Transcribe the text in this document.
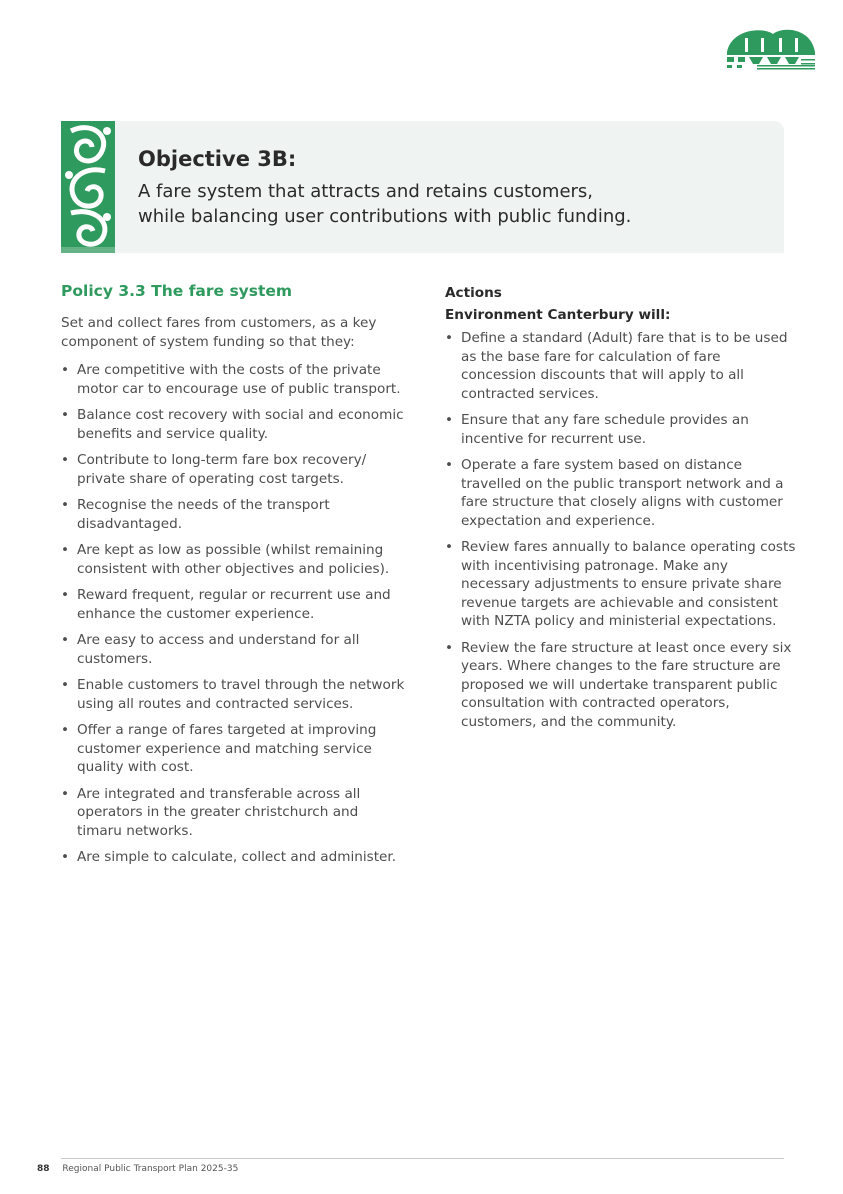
Objective 3B:

A fare system that attracts and retains customers,
while balancing user contributions with public funding.

Policy 3.3 The fare system

Set and collect fares from customers, as a key component of system funding so that they:

• Are competitive with the costs of the private motor car to encourage use of public transport.
• Balance cost recovery with social and economic benefits and service quality.
• Contribute to long-term fare box recovery/ private share of operating cost targets.
• Recognise the needs of the transport disadvantaged.
• Are kept as low as possible (whilst remaining consistent with other objectives and policies).
• Reward frequent, regular or recurrent use and enhance the customer experience.
• Are easy to access and understand for all customers.
• Enable customers to travel through the network using all routes and contracted services.
• Offer a range of fares targeted at improving customer experience and matching service quality with cost.
• Are integrated and transferable across all operators in the greater christchurch and timaru networks.
• Are simple to calculate, collect and administer.
Actions
Environment Canterbury will:
• Define a standard (Adult) fare that is to be used as the base fare for calculation of fare concession discounts that will apply to all contracted services.
• Ensure that any fare schedule provides an incentive for recurrent use.
• Operate a fare system based on distance travelled on the public transport network and a fare structure that closely aligns with customer expectation and experience.
• Review fares annually to balance operating costs with incentivising patronage. Make any necessary adjustments to ensure private share revenue targets are achievable and consistent with NZTA policy and ministerial expectations.
• Review the fare structure at least once every six years. Where changes to the fare structure are proposed we will undertake transparent public consultation with contracted operators, customers, and the community.
88 Regional Public Transport Plan 2025-35
